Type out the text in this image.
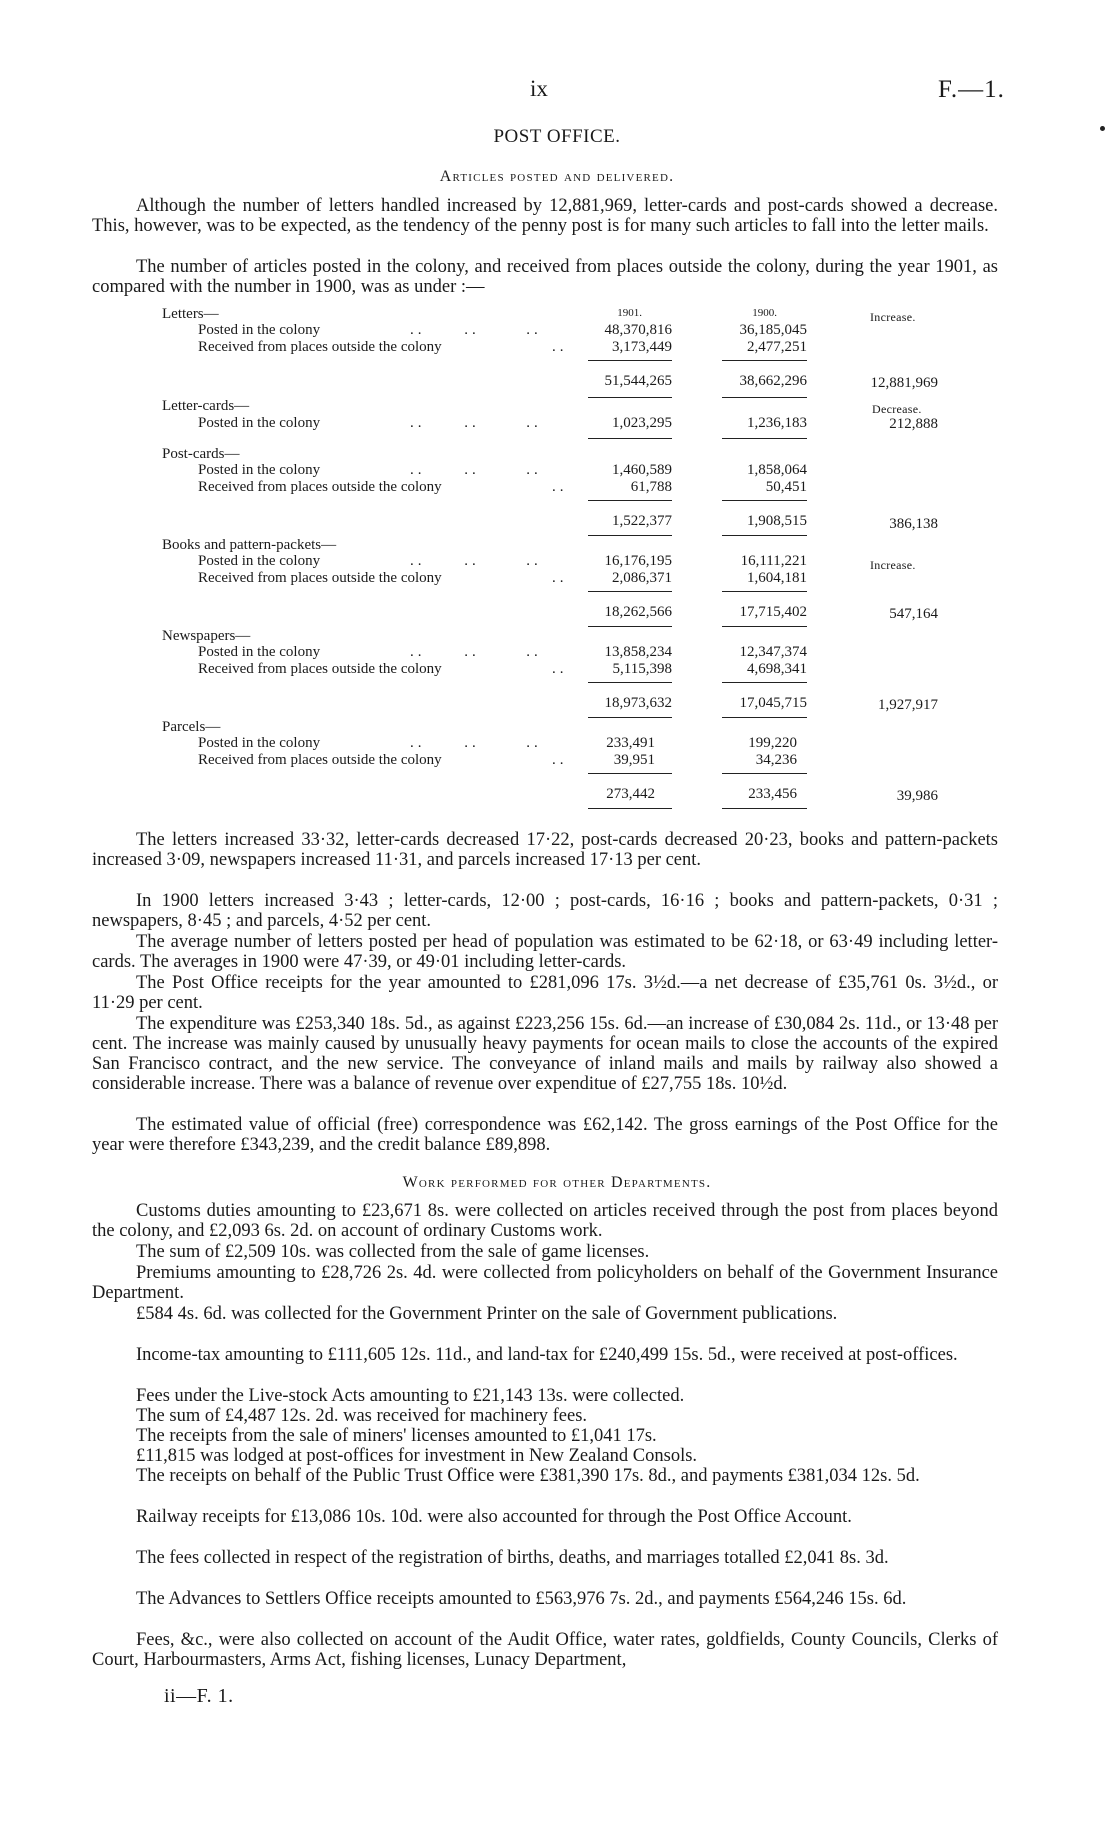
ix	F.—1.
POST OFFICE.
Articles posted and delivered.

Although the number of letters handled increased by 12,881,969, letter-cards and post-cards showed a decrease. This, however, was to be expected, as the tendency of the penny post is for many such articles to fall into the letter mails.

The number of articles posted in the colony, and received from places outside the colony, during the year 1901, as compared with the number in 1900, was as under :—

1901.	1900.	Increase.
Letters—
Posted in the colony	..     ..      ..	48,370,816	36,185,045
Received from places outside the colony	..	3,173,449	2,477,251
51,544,265	38,662,296	12,881,969
Letter-cards—	Decrease.
Posted in the colony	..     ..      ..	1,023,295	1,236,183	212,888
Post-cards—
Posted in the colony	..     ..      ..	1,460,589	1,858,064
Received from places outside the colony	..	61,788	50,451
1,522,377	1,908,515	386,138
Books and pattern-packets—
Posted in the colony	..     ..      ..	16,176,195	16,111,221	Increase.
Received from places outside the colony	..	2,086,371	1,604,181
18,262,566	17,715,402	547,164
Newspapers—
Posted in the colony	..     ..      ..	13,858,234	12,347,374
Received from places outside the colony	..	5,115,398	4,698,341
18,973,632	17,045,715	1,927,917
Parcels—
Posted in the colony	..     ..      ..	233,491	199,220
Received from places outside the colony	..	39,951	34,236
273,442	233,456	39,986

The letters increased 33·32, letter-cards decreased 17·22, post-cards decreased 20·23, books and pattern-packets increased 3·09, newspapers increased 11·31, and parcels increased 17·13 per cent.

In 1900 letters increased 3·43 ; letter-cards, 12·00 ; post-cards, 16·16 ; books and pattern-packets, 0·31 ; newspapers, 8·45 ; and parcels, 4·52 per cent.

The average number of letters posted per head of population was estimated to be 62·18, or 63·49 including letter-cards. The averages in 1900 were 47·39, or 49·01 including letter-cards.

The Post Office receipts for the year amounted to £281,096 17s. 3½d.—a net decrease of £35,761 0s. 3½d., or 11·29 per cent.

The expenditure was £253,340 18s. 5d., as against £223,256 15s. 6d.—an increase of £30,084 2s. 11d., or 13·48 per cent. The increase was mainly caused by unusually heavy payments for ocean mails to close the accounts of the expired San Francisco contract, and the new service. The conveyance of inland mails and mails by railway also showed a considerable increase. There was a balance of revenue over expenditue of £27,755 18s. 10½d.

The estimated value of official (free) correspondence was £62,142. The gross earnings of the Post Office for the year were therefore £343,239, and the credit balance £89,898.

Work performed for other Departments.

Customs duties amounting to £23,671 8s. were collected on articles received through the post from places beyond the colony, and £2,093 6s. 2d. on account of ordinary Customs work.

The sum of £2,509 10s. was collected from the sale of game licenses.

Premiums amounting to £28,726 2s. 4d. were collected from policyholders on behalf of the Government Insurance Department.

£584 4s. 6d. was collected for the Government Printer on the sale of Government publications.

Income-tax amounting to £111,605 12s. 11d., and land-tax for £240,499 15s. 5d., were received at post-offices.

Fees under the Live-stock Acts amounting to £21,143 13s. were collected.

The sum of £4,487 12s. 2d. was received for machinery fees.

The receipts from the sale of miners' licenses amounted to £1,041 17s.

£11,815 was lodged at post-offices for investment in New Zealand Consols.

The receipts on behalf of the Public Trust Office were £381,390 17s. 8d., and payments £381,034 12s. 5d.

Railway receipts for £13,086 10s. 10d. were also accounted for through the Post Office Account.

The fees collected in respect of the registration of births, deaths, and marriages totalled £2,041 8s. 3d.

The Advances to Settlers Office receipts amounted to £563,976 7s. 2d., and payments £564,246 15s. 6d.

Fees, &c., were also collected on account of the Audit Office, water rates, goldfields, County Councils, Clerks of Court, Harbourmasters, Arms Act, fishing licenses, Lunacy Department,

ii—F. 1.
